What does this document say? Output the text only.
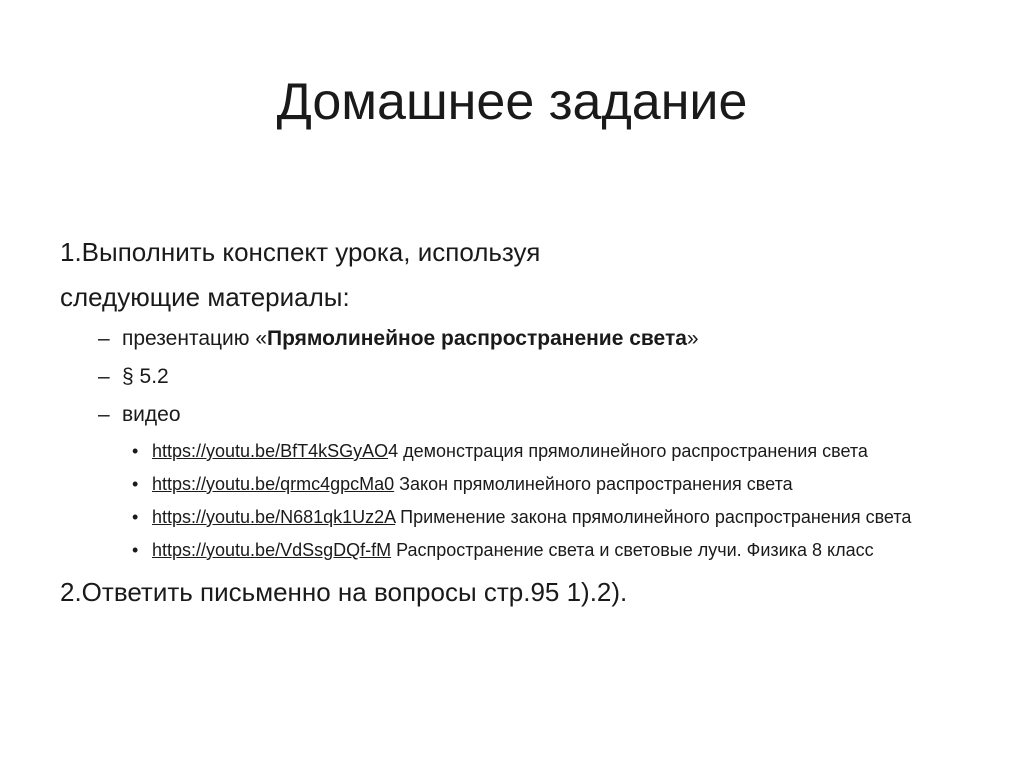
Домашнее задание

1.Выполнить конспект урока, используя

следующие материалы:

– презентацию «Прямолинейное распространение света»

– § 5.2

– видео

• https://youtu.be/BfT4kSGyAO4 демонстрация прямолинейного распространения света

• https://youtu.be/qrmc4gpcMa0 Закон прямолинейного распространения света

• https://youtu.be/N681qk1Uz2A Применение закона прямолинейного распространения света

• https://youtu.be/VdSsgDQf-fM Распространение света и световые лучи. Физика 8 класс

2.Ответить письменно на вопросы стр.95 1).2).
